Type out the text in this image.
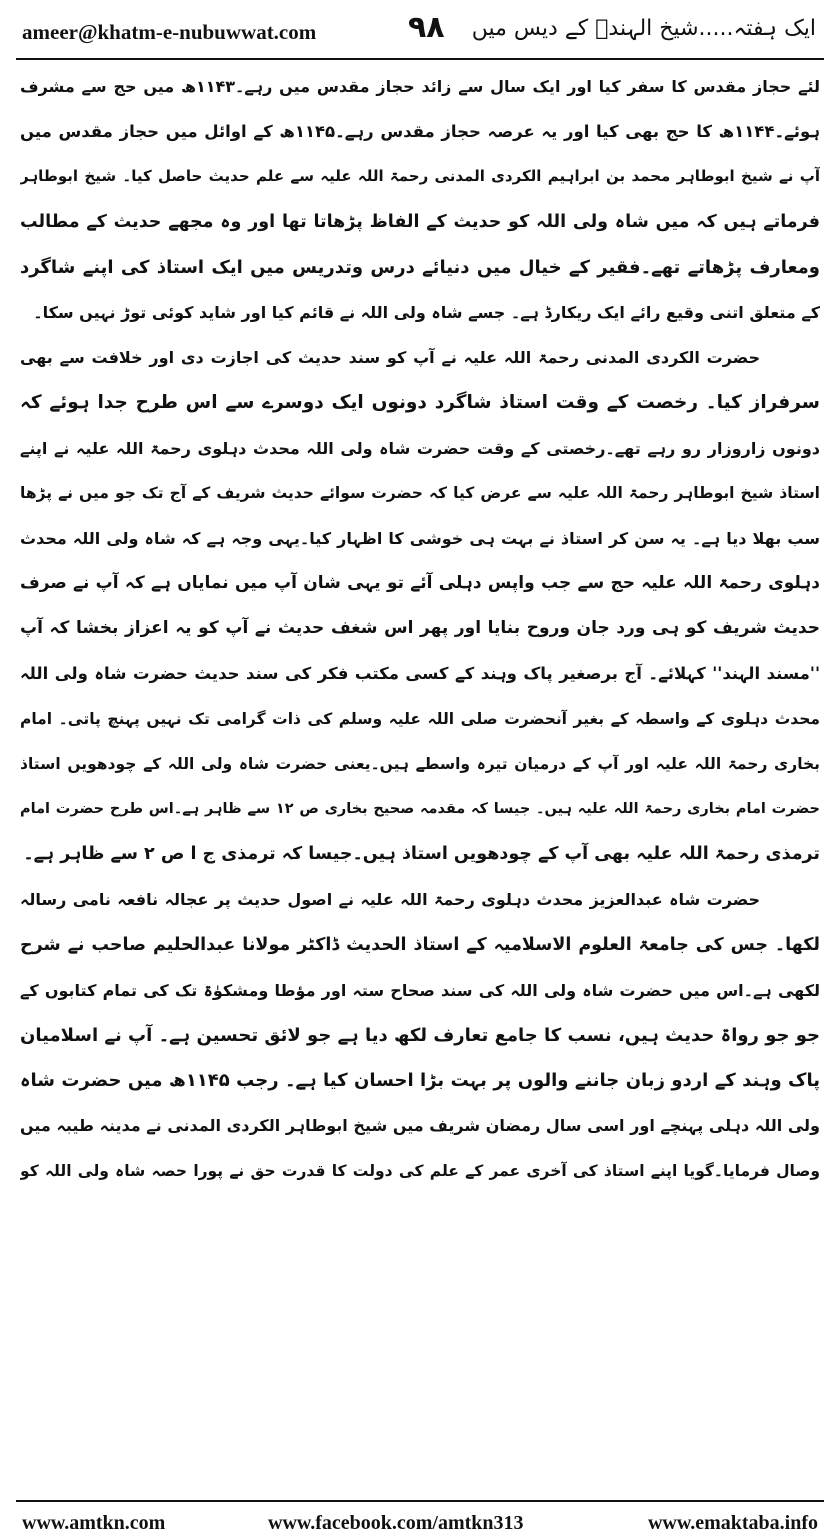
ameer@khatm-e-nubuwwat.com	۹۸ ایک ہفتہ.....شیخ الہندؒ کے دیس میں
لئے حجاز مقدس کا سفر کیا اور ایک سال سے زائد حجاز مقدس میں رہے۔۱۱۴۳ھ میں حج سے مشرف
ہوئے۔۱۱۴۴ھ کا حج بھی کیا اور یہ عرصہ حجاز مقدس رہے۔۱۱۴۵ھ کے اوائل میں حجاز مقدس میں
آپ نے شیخ ابوطاہر محمد بن ابراہیم الکردی المدنی رحمۃ اللہ علیہ سے علم حدیث حاصل کیا۔ شیخ ابوطاہر
فرماتے ہیں کہ میں شاہ ولی اللہ کو حدیث کے الفاظ پڑھاتا تھا اور وہ مجھے حدیث کے مطالب
ومعارف پڑھاتے تھے۔فقیر کے خیال میں دنیائے درس وتدریس میں ایک استاذ کی اپنے شاگرد
کے متعلق اتنی وقیع رائے ایک ریکارڈ ہے۔ جسے شاہ ولی اللہ نے قائم کیا اور شاید کوئی توڑ نہیں سکا۔
حضرت الکردی المدنی رحمۃ اللہ علیہ نے آپ کو سند حدیث کی اجازت دی اور خلافت سے بھی
سرفراز کیا۔ رخصت کے وقت استاذ شاگرد دونوں ایک دوسرے سے اس طرح جدا ہوئے کہ
دونوں زاروزار رو رہے تھے۔رخصتی کے وقت حضرت شاہ ولی اللہ محدث دہلوی رحمۃ اللہ علیہ نے اپنے
استاذ شیخ ابوطاہر رحمۃ اللہ علیہ سے عرض کیا کہ حضرت سوائے حدیث شریف کے آج تک جو میں نے پڑھا
سب بھلا دیا ہے۔ یہ سن کر استاذ نے بہت ہی خوشی کا اظہار کیا۔یہی وجہ ہے کہ شاہ ولی اللہ محدث
دہلوی رحمۃ اللہ علیہ حج سے جب واپس دہلی آئے تو یہی شان آپ میں نمایاں ہے کہ آپ نے صرف
حدیث شریف کو ہی ورد جان وروح بنایا اور پھر اس شغف حدیث نے آپ کو یہ اعزاز بخشا کہ آپ
''مسند الہند'' کہلائے۔ آج برصغیر پاک وہند کے کسی مکتب فکر کی سند حدیث حضرت شاہ ولی اللہ
محدث دہلوی کے واسطہ کے بغیر آنحضرت صلی اللہ علیہ وسلم کی ذات گرامی تک نہیں پہنچ پاتی۔ امام
بخاری رحمۃ اللہ علیہ اور آپ کے درمیان تیرہ واسطے ہیں۔یعنی حضرت شاہ ولی اللہ کے چودھویں استاذ
حضرت امام بخاری رحمۃ اللہ علیہ ہیں۔ جیسا کہ مقدمہ صحیح بخاری ص ۱۲ سے ظاہر ہے۔اس طرح حضرت امام
ترمذی رحمۃ اللہ علیہ بھی آپ کے چودھویں استاذ ہیں۔جیسا کہ ترمذی ج ا ص ۲ سے ظاہر ہے۔
حضرت شاہ عبدالعزیز محدث دہلوی رحمۃ اللہ علیہ نے اصول حدیث پر عجالہ نافعہ نامی رسالہ
لکھا۔ جس کی جامعۃ العلوم الاسلامیہ کے استاذ الحدیث ڈاکٹر مولانا عبدالحلیم صاحب نے شرح
لکھی ہے۔اس میں حضرت شاہ ولی اللہ کی سند صحاح ستہ اور مؤطا ومشکوٰۃ تک کی تمام کتابوں کے
جو جو رواۃ حدیث ہیں، نسب کا جامع تعارف لکھ دیا ہے جو لائق تحسین ہے۔ آپ نے اسلامیان
پاک وہند کے اردو زبان جاننے والوں پر بہت بڑا احسان کیا ہے۔ رجب ۱۱۴۵ھ میں حضرت شاہ
ولی اللہ دہلی پہنچے اور اسی سال رمضان شریف میں شیخ ابوطاہر الکردی المدنی نے مدینہ طیبہ میں
وصال فرمایا۔گویا اپنے استاذ کی آخری عمر کے علم کی دولت کا قدرت حق نے پورا حصہ شاہ ولی اللہ کو
www.amtkn.com	www.facebook.com/amtkn313	www.emaktaba.info
